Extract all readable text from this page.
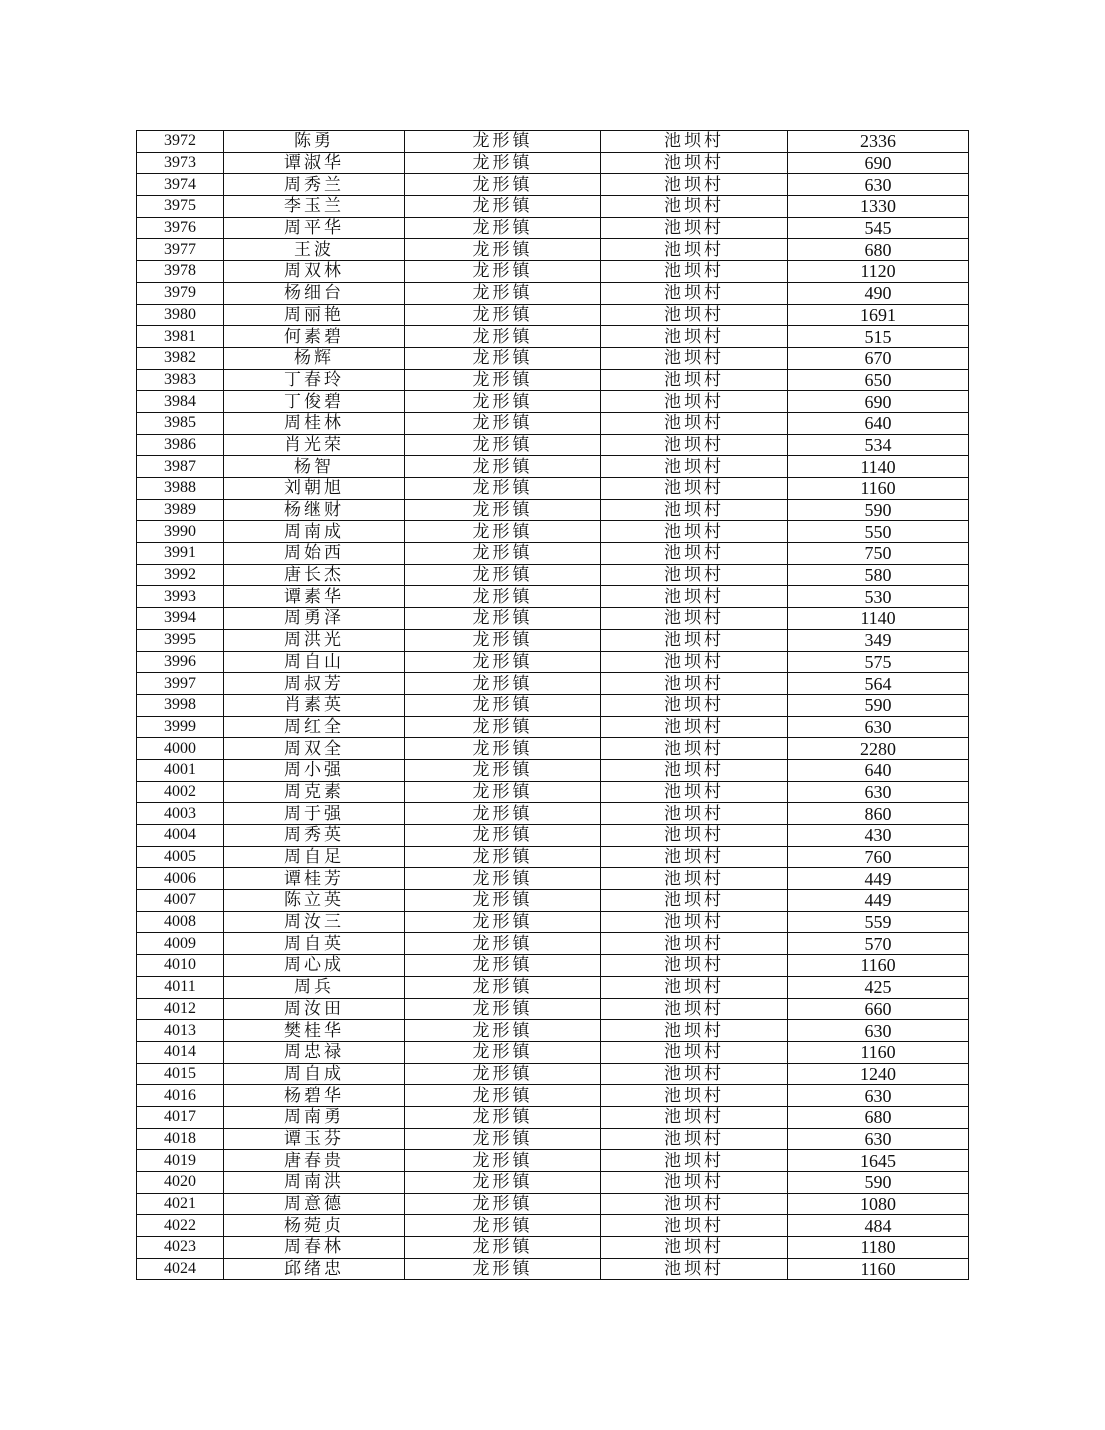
3972	陈勇	龙形镇	池坝村	2336
3973	谭淑华	龙形镇	池坝村	690
3974	周秀兰	龙形镇	池坝村	630
3975	李玉兰	龙形镇	池坝村	1330
3976	周平华	龙形镇	池坝村	545
3977	王波	龙形镇	池坝村	680
3978	周双林	龙形镇	池坝村	1120
3979	杨细台	龙形镇	池坝村	490
3980	周丽艳	龙形镇	池坝村	1691
3981	何素碧	龙形镇	池坝村	515
3982	杨辉	龙形镇	池坝村	670
3983	丁春玲	龙形镇	池坝村	650
3984	丁俊碧	龙形镇	池坝村	690
3985	周桂林	龙形镇	池坝村	640
3986	肖光荣	龙形镇	池坝村	534
3987	杨智	龙形镇	池坝村	1140
3988	刘朝旭	龙形镇	池坝村	1160
3989	杨继财	龙形镇	池坝村	590
3990	周南成	龙形镇	池坝村	550
3991	周始西	龙形镇	池坝村	750
3992	唐长杰	龙形镇	池坝村	580
3993	谭素华	龙形镇	池坝村	530
3994	周勇泽	龙形镇	池坝村	1140
3995	周洪光	龙形镇	池坝村	349
3996	周自山	龙形镇	池坝村	575
3997	周叔芳	龙形镇	池坝村	564
3998	肖素英	龙形镇	池坝村	590
3999	周红全	龙形镇	池坝村	630
4000	周双全	龙形镇	池坝村	2280
4001	周小强	龙形镇	池坝村	640
4002	周克素	龙形镇	池坝村	630
4003	周于强	龙形镇	池坝村	860
4004	周秀英	龙形镇	池坝村	430
4005	周自足	龙形镇	池坝村	760
4006	谭桂芳	龙形镇	池坝村	449
4007	陈立英	龙形镇	池坝村	449
4008	周汝三	龙形镇	池坝村	559
4009	周自英	龙形镇	池坝村	570
4010	周心成	龙形镇	池坝村	1160
4011	周兵	龙形镇	池坝村	425
4012	周汝田	龙形镇	池坝村	660
4013	樊桂华	龙形镇	池坝村	630
4014	周忠禄	龙形镇	池坝村	1160
4015	周自成	龙形镇	池坝村	1240
4016	杨碧华	龙形镇	池坝村	630
4017	周南勇	龙形镇	池坝村	680
4018	谭玉芬	龙形镇	池坝村	630
4019	唐春贵	龙形镇	池坝村	1645
4020	周南洪	龙形镇	池坝村	590
4021	周意德	龙形镇	池坝村	1080
4022	杨菀贞	龙形镇	池坝村	484
4023	周春林	龙形镇	池坝村	1180
4024	邱绪忠	龙形镇	池坝村	1160
